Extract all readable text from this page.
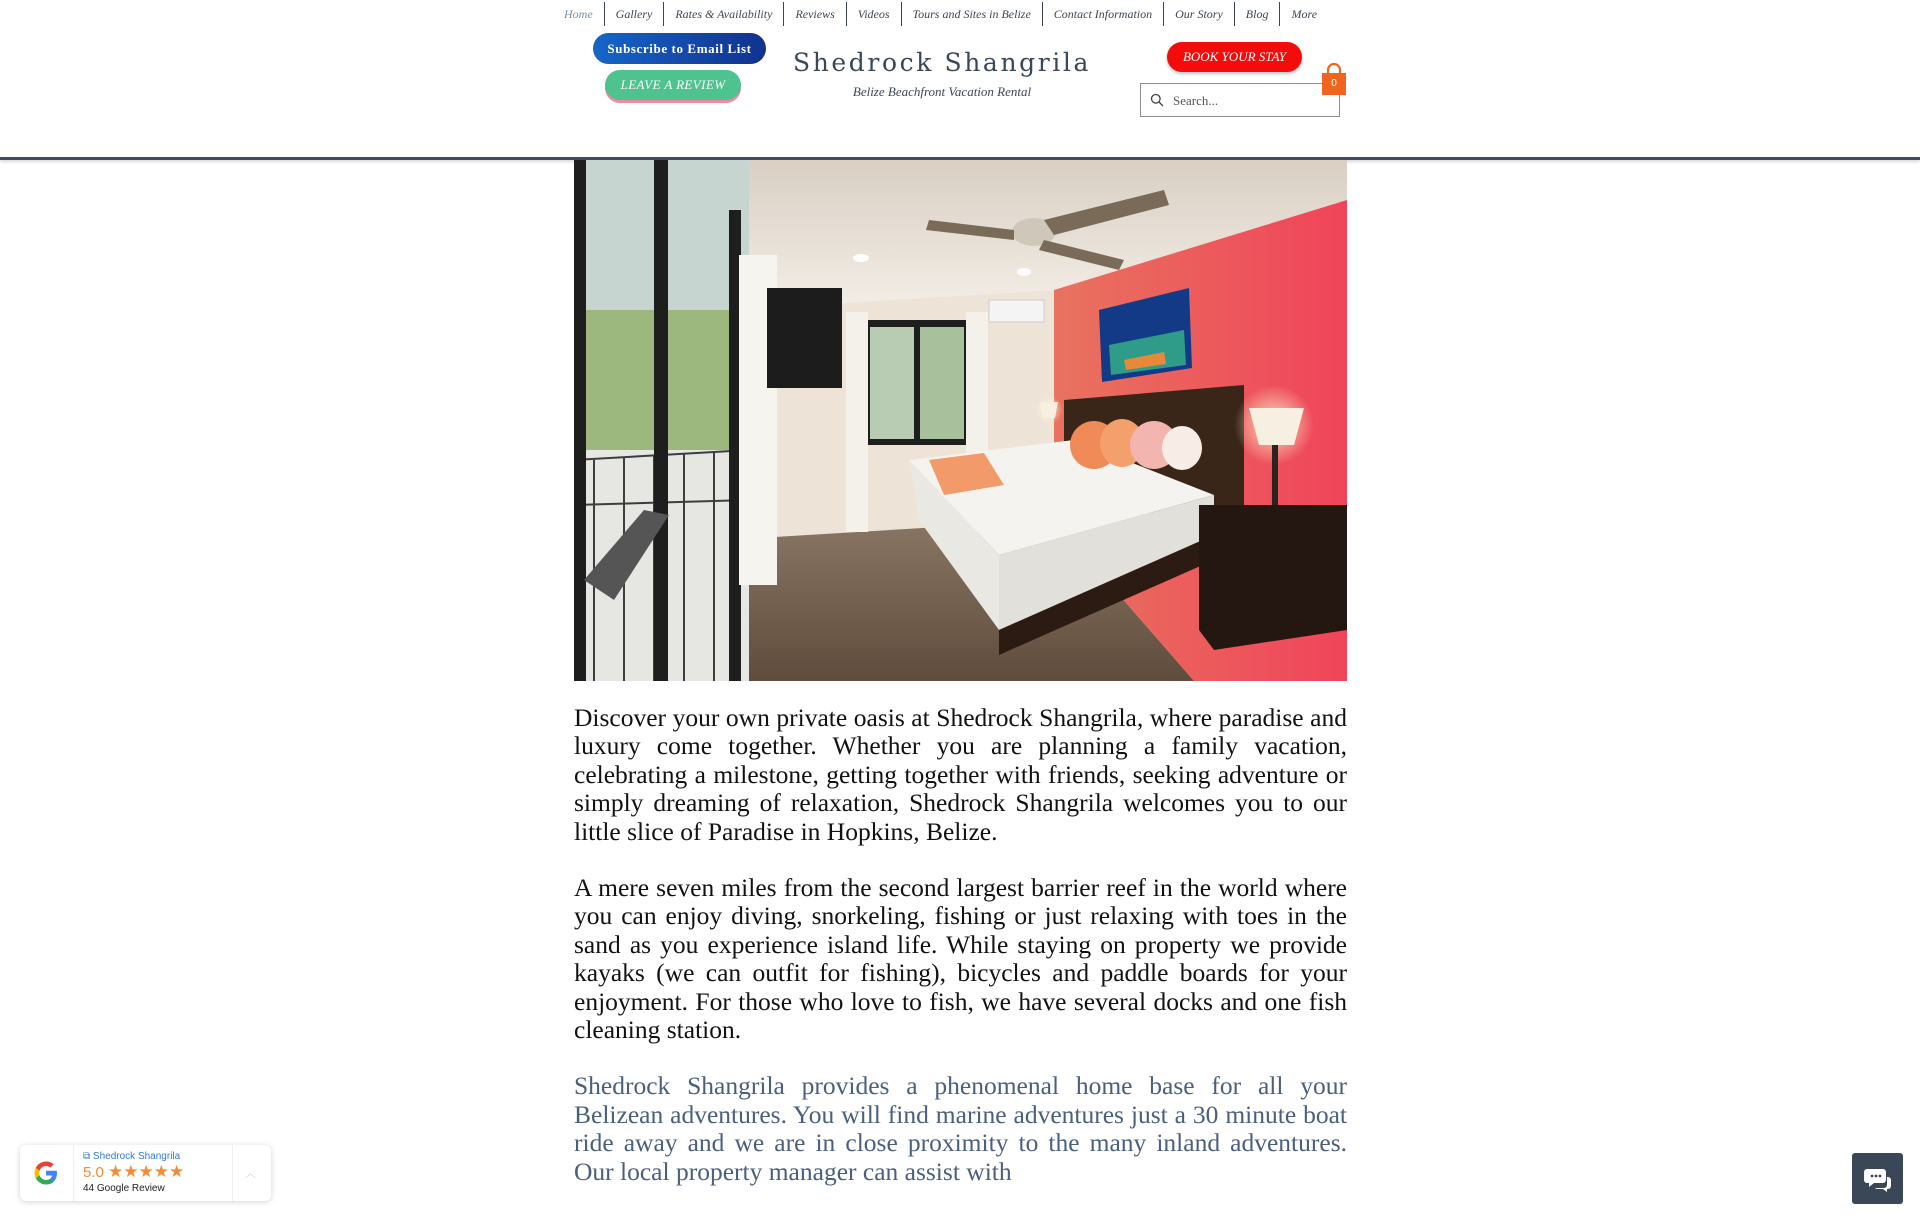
Home	Gallery	Rates & Availability	Reviews	Videos	Tours and Sites in Belize	Contact Information	Our Story	Blog	More
Subscribe to Email List
LEAVE A REVIEW
Shedrock Shangrila
Belize Beachfront Vacation Rental
BOOK YOUR STAY
Search...
0

Discover your own private oasis at Shedrock Shangrila, where paradise and luxury come together. Whether you are planning a family vacation, celebrating a milestone, getting together with friends, seeking adventure or simply dreaming of relaxation, Shedrock Shangrila welcomes you to our little slice of Paradise in Hopkins, Belize.

A mere seven miles from the second largest barrier reef in the world where you can enjoy diving, snorkeling, fishing or just relaxing with toes in the sand as you experience island life. While staying on property we provide kayaks (we can outfit for fishing), bicycles and paddle boards for your enjoyment. For those who love to fish, we have several docks and one fish cleaning station.

Shedrock Shangrila provides a phenomenal home base for all your Belizean adventures. You will find marine adventures just a 30 minute boat ride away and we are in close proximity to the many inland adventures. Our local property manager can assist with

⧉ Shedrock Shangrila
5.0 ★★★★★
44 Google Review
︿
